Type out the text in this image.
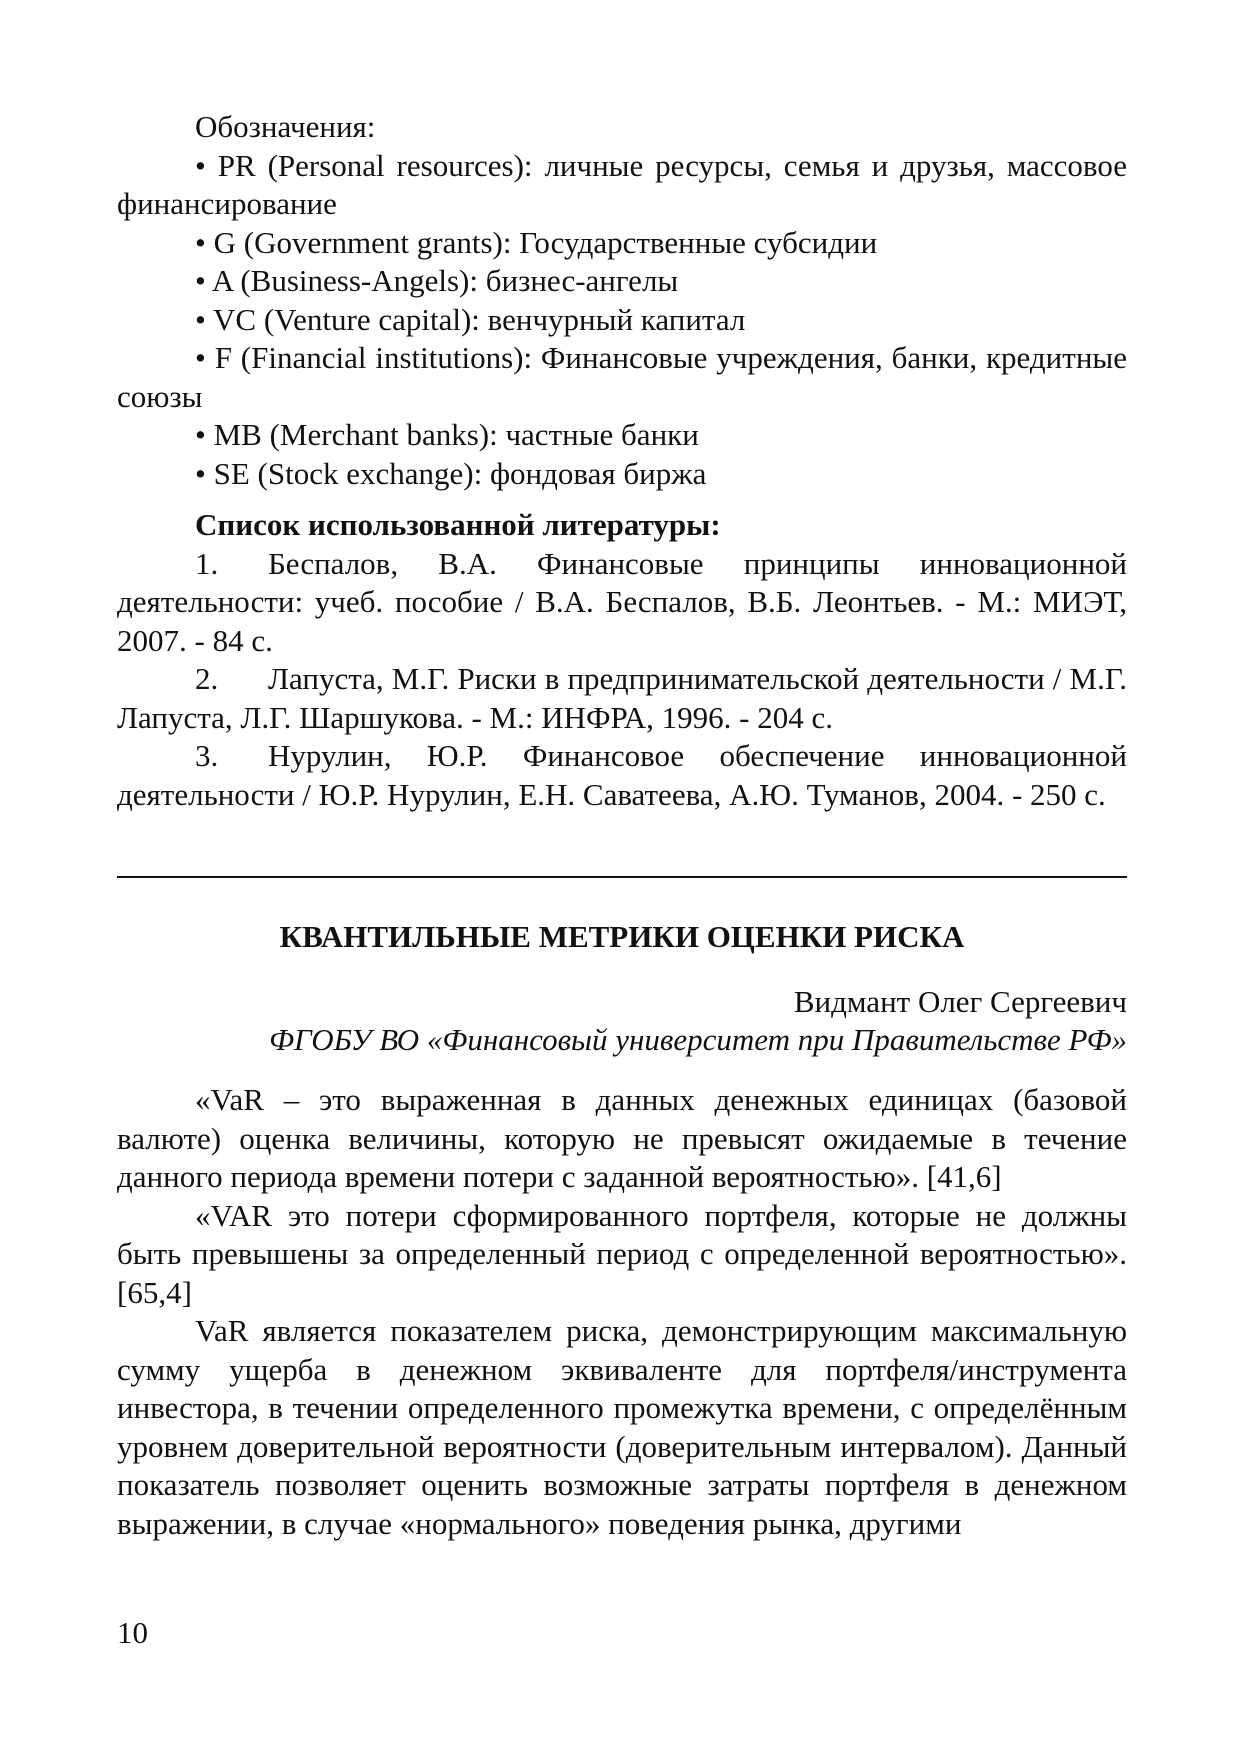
Обозначения:

• PR (Personal resources): личные ресурсы, семья и друзья, массовое финансирование

• G (Government grants): Государственные субсидии

• A (Business-Angels): бизнес-ангелы

• VC (Venture capital): венчурный капитал

• F (Financial institutions): Финансовые учреждения, банки, кредитные союзы

• MB (Merchant banks): частные банки

• SE (Stock exchange): фондовая биржа

Список использованной литературы:

1. Беспалов, В.А. Финансовые принципы инновационной деятельности: учеб. пособие / В.А. Беспалов, В.Б. Леонтьев. - М.: МИЭТ, 2007. - 84 с.

2. Лапуста, М.Г. Риски в предпринимательской деятельности / М.Г. Лапуста, Л.Г. Шаршукова. - М.: ИНФРА, 1996. - 204 с.

3. Нурулин, Ю.Р. Финансовое обеспечение инновационной деятельности / Ю.Р. Нурулин, Е.Н. Саватеева, А.Ю. Туманов, 2004. - 250 с.

КВАНТИЛЬНЫЕ МЕТРИКИ ОЦЕНКИ РИСКА

Видмант Олег Сергеевич

ФГОБУ ВО «Финансовый университет при Правительстве РФ»

«VaR – это выраженная в данных денежных единицах (базовой валюте) оценка величины, которую не превысят ожидаемые в течение данного периода времени потери с заданной вероятностью». [41,6]

«VAR это потери сформированного портфеля, которые не должны быть превышены за определенный период с определенной вероятностью». [65,4]

VaR является показателем риска, демонстрирующим максимальную сумму ущерба в денежном эквиваленте для портфеля/инструмента инвестора, в течении определенного промежутка времени, с определённым уровнем доверительной вероятности (доверительным интервалом). Данный показатель позволяет оценить возможные затраты портфеля в денежном выражении, в случае «нормального» поведения рынка, другими

10
